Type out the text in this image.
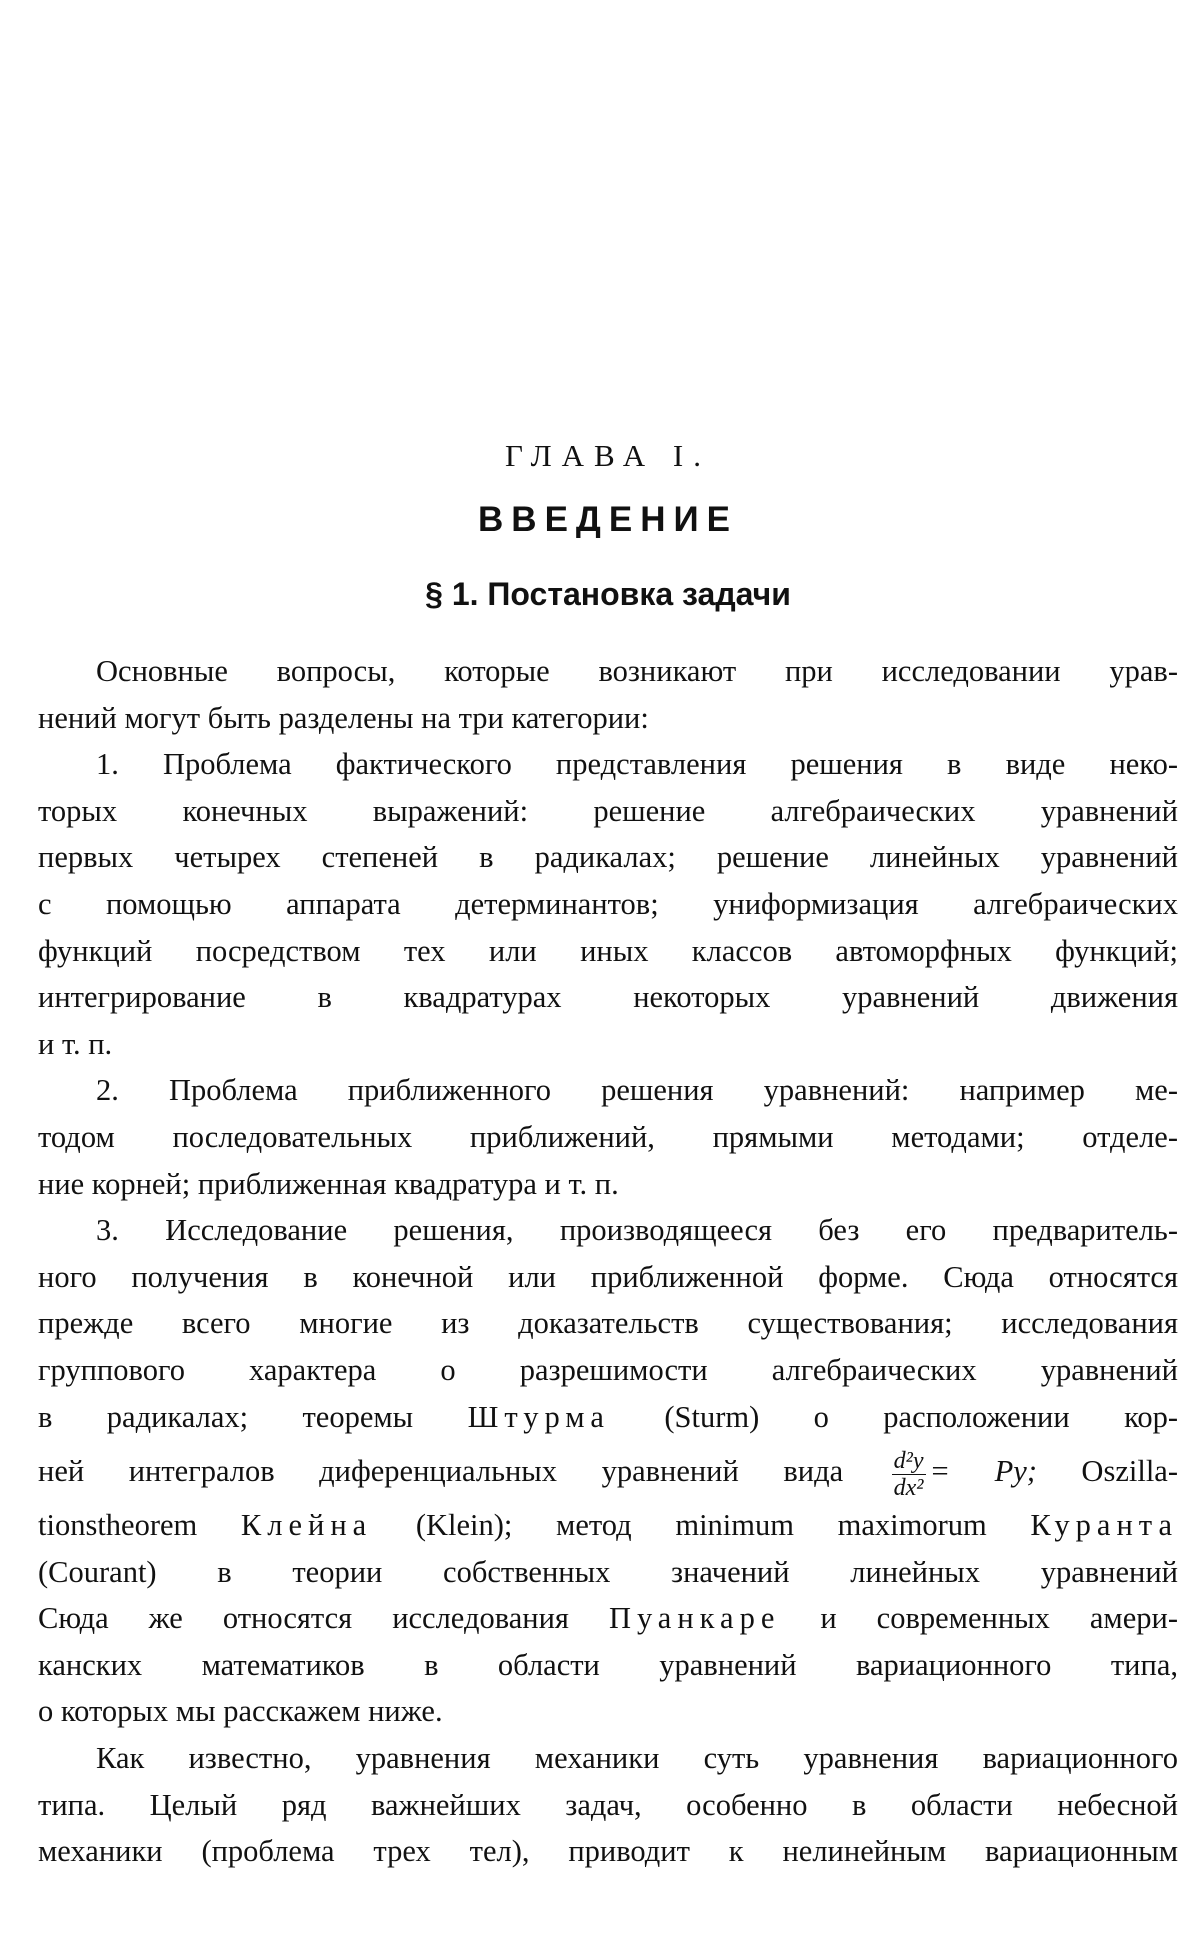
ГЛАВА I.
ВВЕДЕНИЕ
§ 1. Постановка задачи
Основные вопросы, которые возникают при исследовании урав-
нений могут быть разделены на три категории:
1. Проблема фактического представления решения в виде неко-
торых конечных выражений: решение алгебраических уравнений
первых четырех степеней в радикалах; решение линейных уравнений
с помощью аппарата детерминантов; униформизация алгебраических
функций посредством тех или иных классов автоморфных функций;
интегрирование в квадратурах некоторых уравнений движения
и т. п.
2. Проблема приближенного решения уравнений: например ме-
тодом последовательных приближений, прямыми методами; отделе-
ние корней; приближенная квадратура и т. п.
3. Исследование решения, производящееся без его предваритель-
ного получения в конечной или приближенной форме. Сюда относятся
прежде всего многие из доказательств существования; исследования
группового характера о разрешимости алгебраических уравнений
в радикалах; теоремы Штурма (Sturm) о расположении кор-
ней интегралов диференциальных уравнений вида $\frac{\text{d²y}}{\text{dx²}} = Py$; Oszilla-
tionstheorem Клейна (Klein); метод minimum maximorum Куранта
(Courant) в теории собственных значений линейных уравнений
Сюда же относятся исследования Пуанкаре и современных амери-
канских математиков в области уравнений вариационного типа,
о которых мы расскажем ниже.
Как известно, уравнения механики суть уравнения вариационного
типа. Целый ряд важнейших задач, особенно в области небесной
механики (проблема трех тел), приводит к нелинейным вариационным
